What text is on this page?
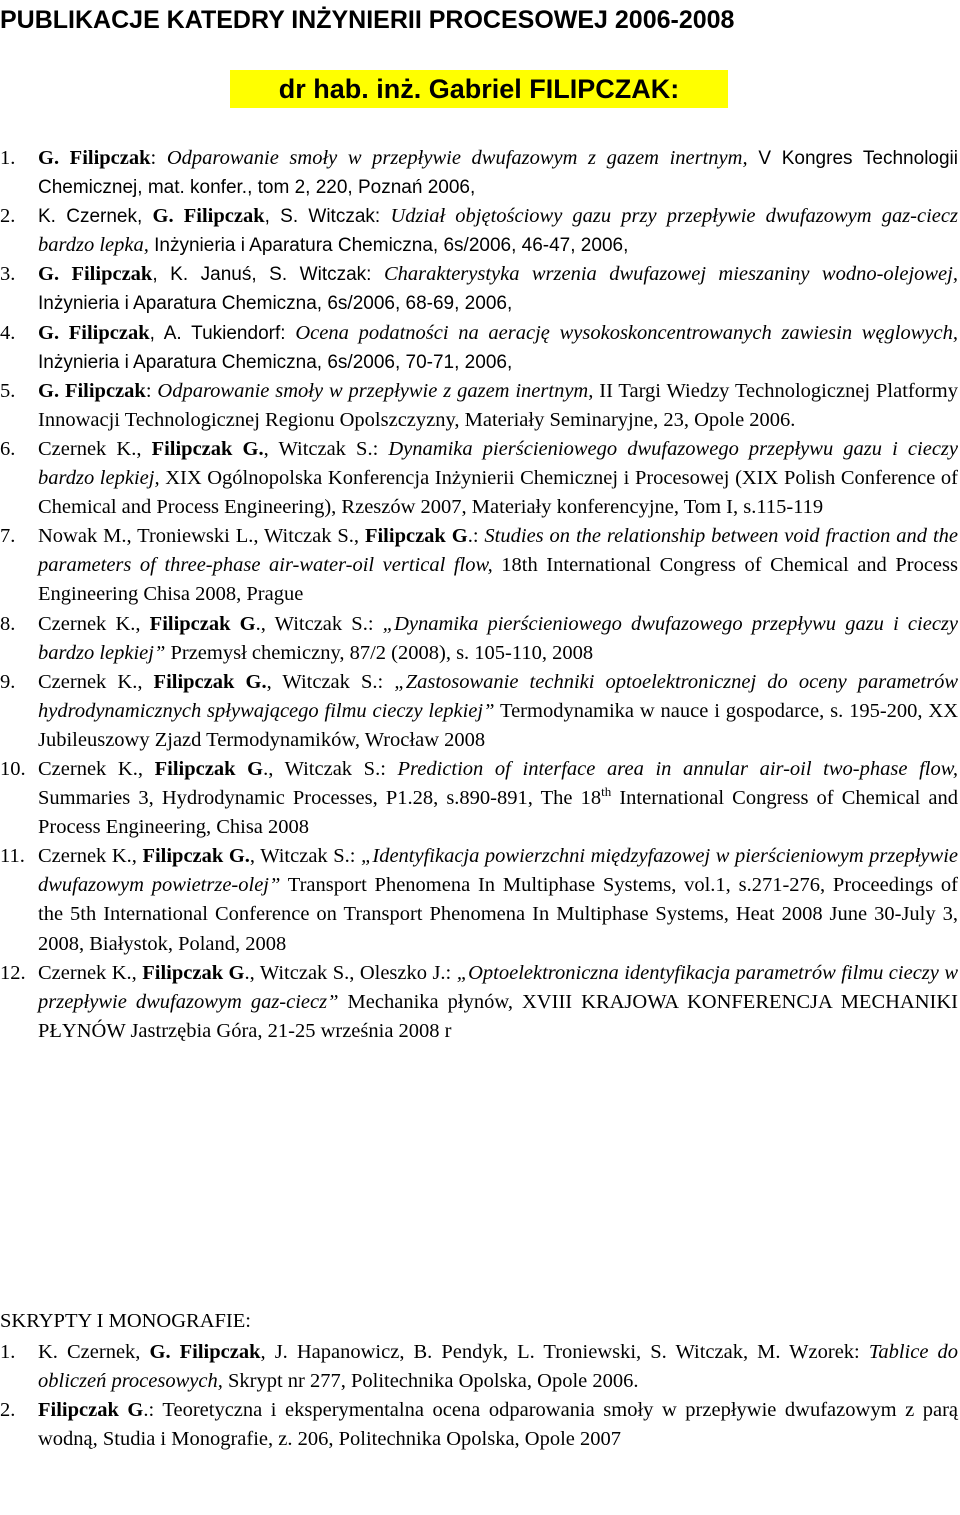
PUBLIKACJE KATEDRY INŻYNIERII PROCESOWEJ 2006-2008
dr hab. inż. Gabriel FILIPCZAK:
1. G. Filipczak: Odparowanie smoły w przepływie dwufazowym z gazem inertnym, V Kongres Technologii Chemicznej, mat. konfer., tom 2, 220, Poznań 2006,
2. K. Czernek, G. Filipczak, S. Witczak: Udział objętościowy gazu przy przepływie dwufazowym gaz-ciecz bardzo lepka, Inżynieria i Aparatura Chemiczna, 6s/2006, 46-47, 2006,
3. G. Filipczak, K. Januś, S. Witczak: Charakterystyka wrzenia dwufazowej mieszaniny wodno-olejowej, Inżynieria i Aparatura Chemiczna, 6s/2006, 68-69, 2006,
4. G. Filipczak, A. Tukiendorf: Ocena podatności na aerację wysokoskoncentrowanych zawiesin węglowych, Inżynieria i Aparatura Chemiczna, 6s/2006, 70-71, 2006,
5. G. Filipczak: Odparowanie smoły w przepływie z gazem inertnym, II Targi Wiedzy Technologicznej Platformy Innowacji Technologicznej Regionu Opolszczyzny, Materiały Seminaryjne, 23, Opole 2006.
6. Czernek K., Filipczak G., Witczak S.: Dynamika pierścieniowego dwufazowego przepływu gazu i cieczy bardzo lepkiej, XIX Ogólnopolska Konferencja Inżynierii Chemicznej i Procesowej (XIX Polish Conference of Chemical and Process Engineering), Rzeszów 2007, Materiały konferencyjne, Tom I, s.115-119
7. Nowak M., Troniewski L., Witczak S., Filipczak G.: Studies on the relationship between void fraction and the parameters of three-phase air-water-oil vertical flow, 18th International Congress of Chemical and Process Engineering Chisa 2008, Prague
8. Czernek K., Filipczak G., Witczak S.: „Dynamika pierścieniowego dwufazowego przepływu gazu i cieczy bardzo lepkiej” Przemysł chemiczny, 87/2 (2008), s. 105-110, 2008
9. Czernek K., Filipczak G., Witczak S.: „Zastosowanie techniki optoelektronicznej do oceny parametrów hydrodynamicznych spływającego filmu cieczy lepkiej” Termodynamika w nauce i gospodarce, s. 195-200, XX Jubileuszowy Zjazd Termodynamików, Wrocław 2008
10. Czernek K., Filipczak G., Witczak S.: Prediction of interface area in annular air-oil two-phase flow, Summaries 3, Hydrodynamic Processes, P1.28, s.890-891, The 18th International Congress of Chemical and Process Engineering, Chisa 2008
11. Czernek K., Filipczak G., Witczak S.: „Identyfikacja powierzchni międzyfazowej w pierścieniowym przepływie dwufazowym powietrze-olej” Transport Phenomena In Multiphase Systems, vol.1, s.271-276, Proceedings of the 5th International Conference on Transport Phenomena In Multiphase Systems, Heat 2008 June 30-July 3, 2008, Białystok, Poland, 2008
12. Czernek K., Filipczak G., Witczak S., Oleszko J.: „Optoelektroniczna identyfikacja parametrów filmu cieczy w przepływie dwufazowym gaz-ciecz” Mechanika płynów, XVIII KRAJOWA KONFERENCJA MECHANIKI PŁYNÓW Jastrzębia Góra, 21-25 września 2008 r
SKRYPTY I MONOGRAFIE:
1. K. Czernek, G. Filipczak, J. Hapanowicz, B. Pendyk, L. Troniewski, S. Witczak, M. Wzorek: Tablice do obliczeń procesowych, Skrypt nr 277, Politechnika Opolska, Opole 2006.
2. Filipczak G.: Teoretyczna i eksperymentalna ocena odparowania smoły w przepływie dwufazowym z parą wodną, Studia i Monografie, z. 206, Politechnika Opolska, Opole 2007
